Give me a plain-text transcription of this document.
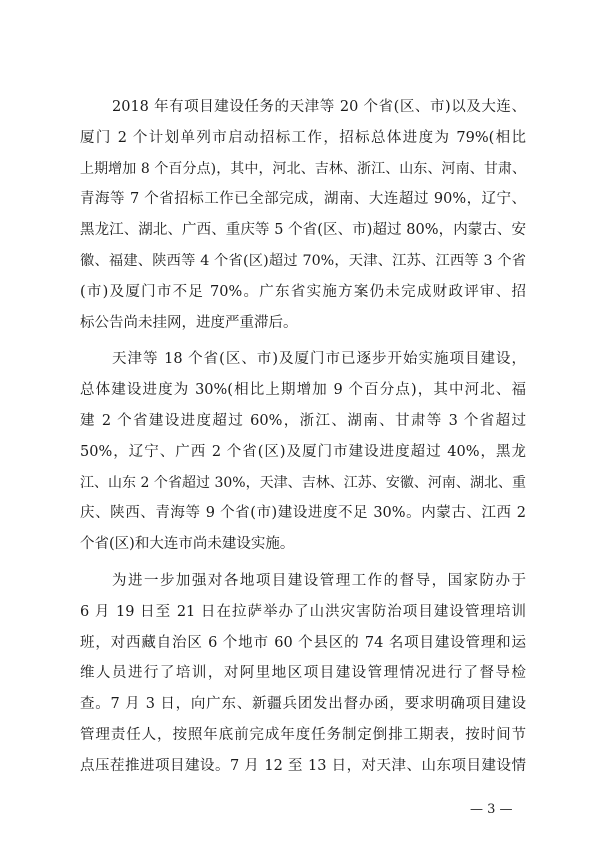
2018 年有项目建设任务的天津等 20 个省(区、市)以及大连、
厦门 2 个计划单列市启动招标工作，招标总体进度为 79%(相比
上期增加 8 个百分点)，其中，河北、吉林、浙江、山东、河南、甘肃、
青海等 7 个省招标工作已全部完成，湖南、大连超过 90%，辽宁、
黑龙江、湖北、广西、重庆等 5 个省(区、市)超过 80%，内蒙古、安
徽、福建、陕西等 4 个省(区)超过 70%，天津、江苏、江西等 3 个省
(市)及厦门市不足 70%。广东省实施方案仍未完成财政评审、招
标公告尚未挂网，进度严重滞后。
天津等 18 个省(区、市)及厦门市已逐步开始实施项目建设，
总体建设进度为 30%(相比上期增加 9 个百分点)，其中河北、福
建 2 个省建设进度超过 60%，浙江、湖南、甘肃等 3 个省超过
50%，辽宁、广西 2 个省(区)及厦门市建设进度超过 40%，黑龙
江、山东 2 个省超过 30%，天津、吉林、江苏、安徽、河南、湖北、重
庆、陕西、青海等 9 个省(市)建设进度不足 30%。内蒙古、江西 2
个省(区)和大连市尚未建设实施。
为进一步加强对各地项目建设管理工作的督导，国家防办于
6 月 19 日至 21 日在拉萨举办了山洪灾害防治项目建设管理培训
班，对西藏自治区 6 个地市 60 个县区的 74 名项目建设管理和运
维人员进行了培训，对阿里地区项目建设管理情况进行了督导检
查。7 月 3 日，向广东、新疆兵团发出督办函，要求明确项目建设
管理责任人，按照年底前完成年度任务制定倒排工期表，按时间节
点压茬推进项目建设。7 月 12 至 13 日，对天津、山东项目建设情
— 3 —
